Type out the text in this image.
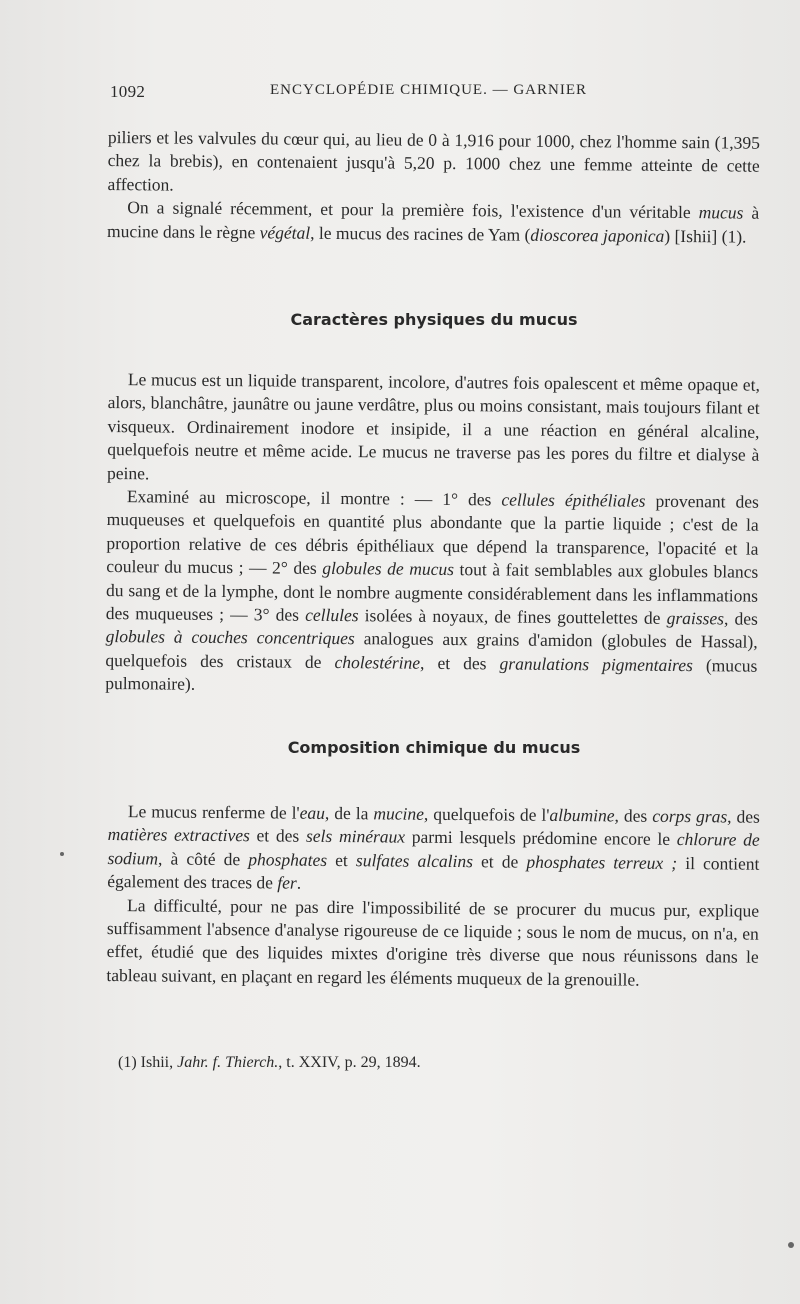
1092	ENCYCLOPÉDIE CHIMIQUE. — GARNIER

piliers et les valvules du cœur qui, au lieu de 0 à 1,916 pour 1000, chez l'homme sain (1,395 chez la brebis), en contenaient jusqu'à 5,20 p. 1000 chez une femme atteinte de cette affection.

On a signalé récemment, et pour la première fois, l'existence d'un véritable mucus à mucine dans le règne végétal, le mucus des racines de Yam (dioscorea japonica) [Ishii] (1).

Caractères physiques du mucus

Le mucus est un liquide transparent, incolore, d'autres fois opalescent et même opaque et, alors, blanchâtre, jaunâtre ou jaune verdâtre, plus ou moins consistant, mais toujours filant et visqueux. Ordinairement inodore et insipide, il a une réaction en général alcaline, quelquefois neutre et même acide. Le mucus ne traverse pas les pores du filtre et dialyse à peine.

Examiné au microscope, il montre : — 1° des cellules épithéliales provenant des muqueuses et quelquefois en quantité plus abondante que la partie liquide ; c'est de la proportion relative de ces débris épithéliaux que dépend la transparence, l'opacité et la couleur du mucus ; — 2° des globules de mucus tout à fait semblables aux globules blancs du sang et de la lymphe, dont le nombre augmente considérablement dans les inflammations des muqueuses ; — 3° des cellules isolées à noyaux, de fines gouttelettes de graisses, des globules à couches concentriques analogues aux grains d'amidon (globules de Hassal), quelquefois des cristaux de cholestérine, et des granulations pigmentaires (mucus pulmonaire).

Composition chimique du mucus

Le mucus renferme de l'eau, de la mucine, quelquefois de l'albumine, des corps gras, des matières extractives et des sels minéraux parmi lesquels prédomine encore le chlorure de sodium, à côté de phosphates et sulfates alcalins et de phosphates terreux ; il contient également des traces de fer.

La difficulté, pour ne pas dire l'impossibilité de se procurer du mucus pur, explique suffisamment l'absence d'analyse rigoureuse de ce liquide ; sous le nom de mucus, on n'a, en effet, étudié que des liquides mixtes d'origine très diverse que nous réunissons dans le tableau suivant, en plaçant en regard les éléments muqueux de la grenouille.

(1) Ishii, Jahr. f. Thierch., t. XXIV, p. 29, 1894.
